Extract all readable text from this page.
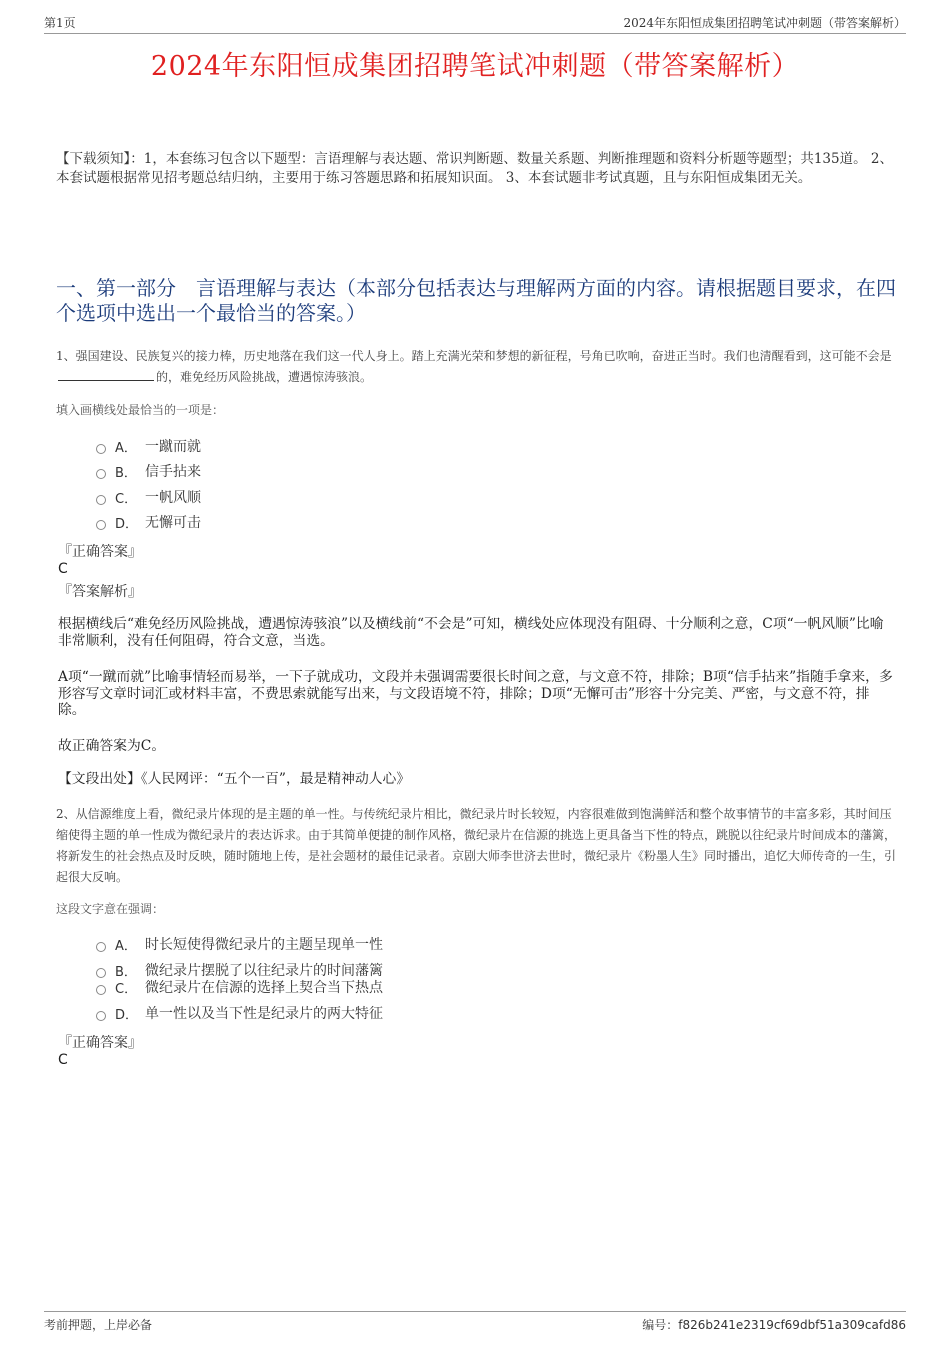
第1页	2024年东阳恒成集团招聘笔试冲刺题（带答案解析）
2024年东阳恒成集团招聘笔试冲刺题（带答案解析）
【下载须知】：1，本套练习包含以下题型：言语理解与表达题、常识判断题、数量关系题、判断推理题和资料分析题等题型；共135道。 2、本套试题根据常见招考题总结归纳，主要用于练习答题思路和拓展知识面。 3、本套试题非考试真题，且与东阳恒成集团无关。
一、第一部分　言语理解与表达（本部分包括表达与理解两方面的内容。请根据题目要求，在四个选项中选出一个最恰当的答案。）
1、强国建设、民族复兴的接力棒，历史地落在我们这一代人身上。踏上充满光荣和梦想的新征程，号角已吹响，奋进正当时。我们也清醒看到，这可能不会是的，难免经历风险挑战，遭遇惊涛骇浪。
填入画横线处最恰当的一项是：
A． 一蹴而就
B． 信手拈来
C． 一帆风顺
D． 无懈可击
『正确答案』
C
『答案解析』
根据横线后“难免经历风险挑战，遭遇惊涛骇浪”以及横线前“不会是”可知，横线处应体现没有阻碍、十分顺利之意，C项“一帆风顺”比喻非常顺利，没有任何阻碍，符合文意，当选。
A项“一蹴而就”比喻事情轻而易举，一下子就成功，文段并未强调需要很长时间之意，与文意不符，排除；B项“信手拈来”指随手拿来，多形容写文章时词汇或材料丰富，不费思索就能写出来，与文段语境不符，排除；D项“无懈可击”形容十分完美、严密，与文意不符，排除。
故正确答案为C。
【文段出处】《人民网评：“五个一百”，最是精神动人心》
2、从信源维度上看，微纪录片体现的是主题的单一性。与传统纪录片相比，微纪录片时长较短，内容很难做到饱满鲜活和整个故事情节的丰富多彩，其时间压缩使得主题的单一性成为微纪录片的表达诉求。由于其简单便捷的制作风格，微纪录片在信源的挑选上更具备当下性的特点，跳脱以往纪录片时间成本的藩篱，将新发生的社会热点及时反映，随时随地上传，是社会题材的最佳记录者。京剧大师李世济去世时，微纪录片《粉墨人生》同时播出，追忆大师传奇的一生，引起很大反响。
这段文字意在强调：
A． 时长短使得微纪录片的主题呈现单一性
B． 微纪录片摆脱了以往纪录片的时间藩篱
C． 微纪录片在信源的选择上契合当下热点
D． 单一性以及当下性是纪录片的两大特征
『正确答案』
C
考前押题，上岸必备	编号：f826b241e2319cf69dbf51a309cafd86
